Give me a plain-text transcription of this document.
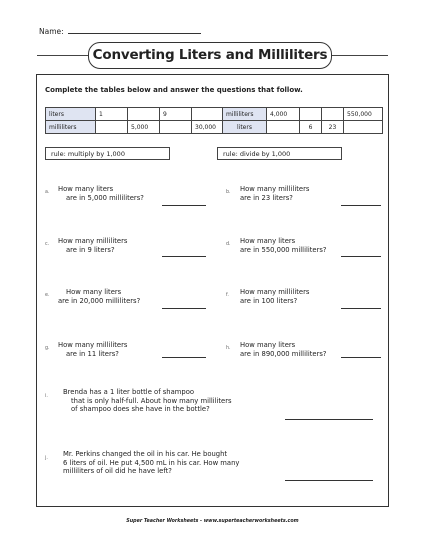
Name:
Converting Liters and Milliliters
Complete the tables below and answer the questions that follow.
liters	1		9	
milliliters		5,000		30,000
milliliters	4,000			550,000
liters		6	23	
rule: multiply by 1,000	rule: divide by 1,000
a. How many liters
are in 5,000 milliliters?
b. How many milliliters
are in 23 liters?
c. How many milliliters
are in 9 liters?
d. How many liters
are in 550,000 milliliters?
e.	How many liters
are in 20,000 milliliters?
f. How many milliliters
are in 100 liters?
g. How many milliliters
are in 11 liters?
h. How many liters
are in 890,000 milliliters?
i.
Brenda has a 1 liter bottle of shampoo
that is only half-full. About how many milliliters
of shampoo does she have in the bottle?
j.
Mr. Perkins changed the oil in his car. He bought
6 liters of oil. He put 4,500 mL in his car. How many
milliliters of oil did he have left?
Super Teacher Worksheets - www.superteacherworksheets.com
